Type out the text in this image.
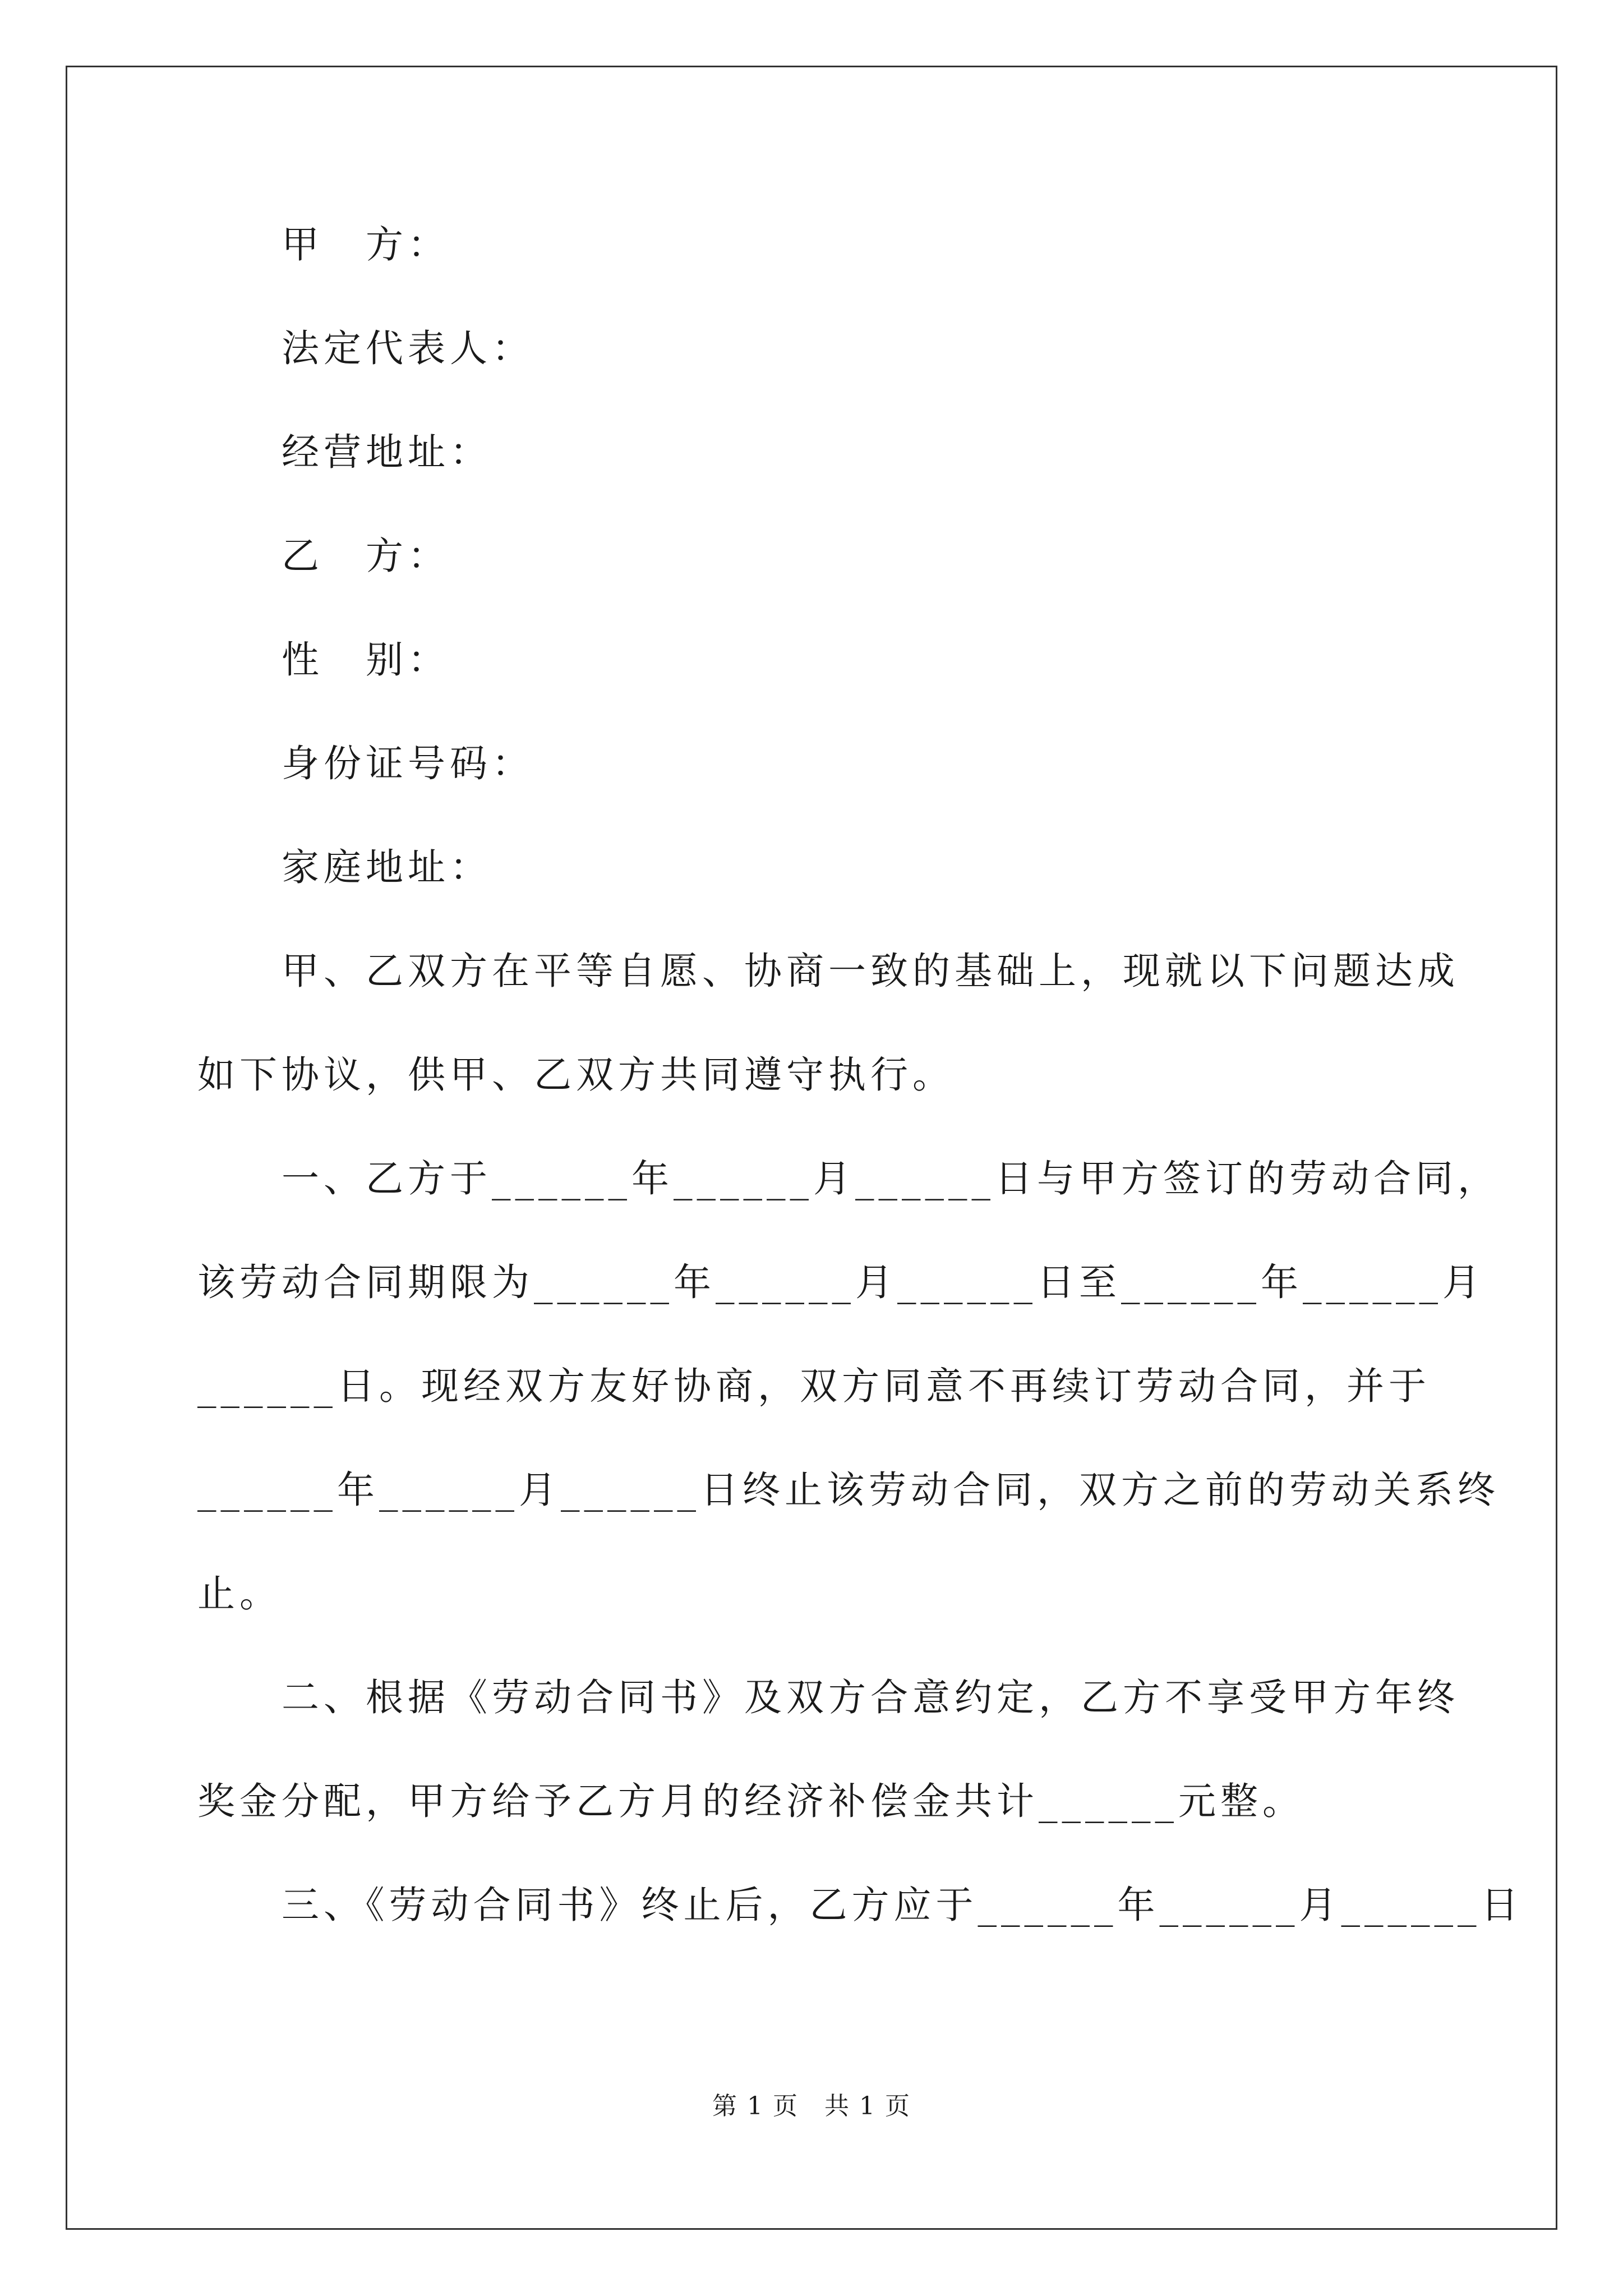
甲　方：
法定代表人：
经营地址：
乙　方：
性　别：
身份证号码：
家庭地址：
甲、乙双方在平等自愿、协商一致的基础上，现就以下问题达成
如下协议，供甲、乙双方共同遵守执行。
一、乙方于______年______月______日与甲方签订的劳动合同，
该劳动合同期限为______年______月______日至______年______月
______日。现经双方友好协商，双方同意不再续订劳动合同，并于
______年______月______日终止该劳动合同，双方之前的劳动关系终
止。
二、根据《劳动合同书》及双方合意约定，乙方不享受甲方年终
奖金分配，甲方给予乙方月的经济补偿金共计______元整。
三、《劳动合同书》终止后，乙方应于______年______月______日
第 1 页　共 1 页
